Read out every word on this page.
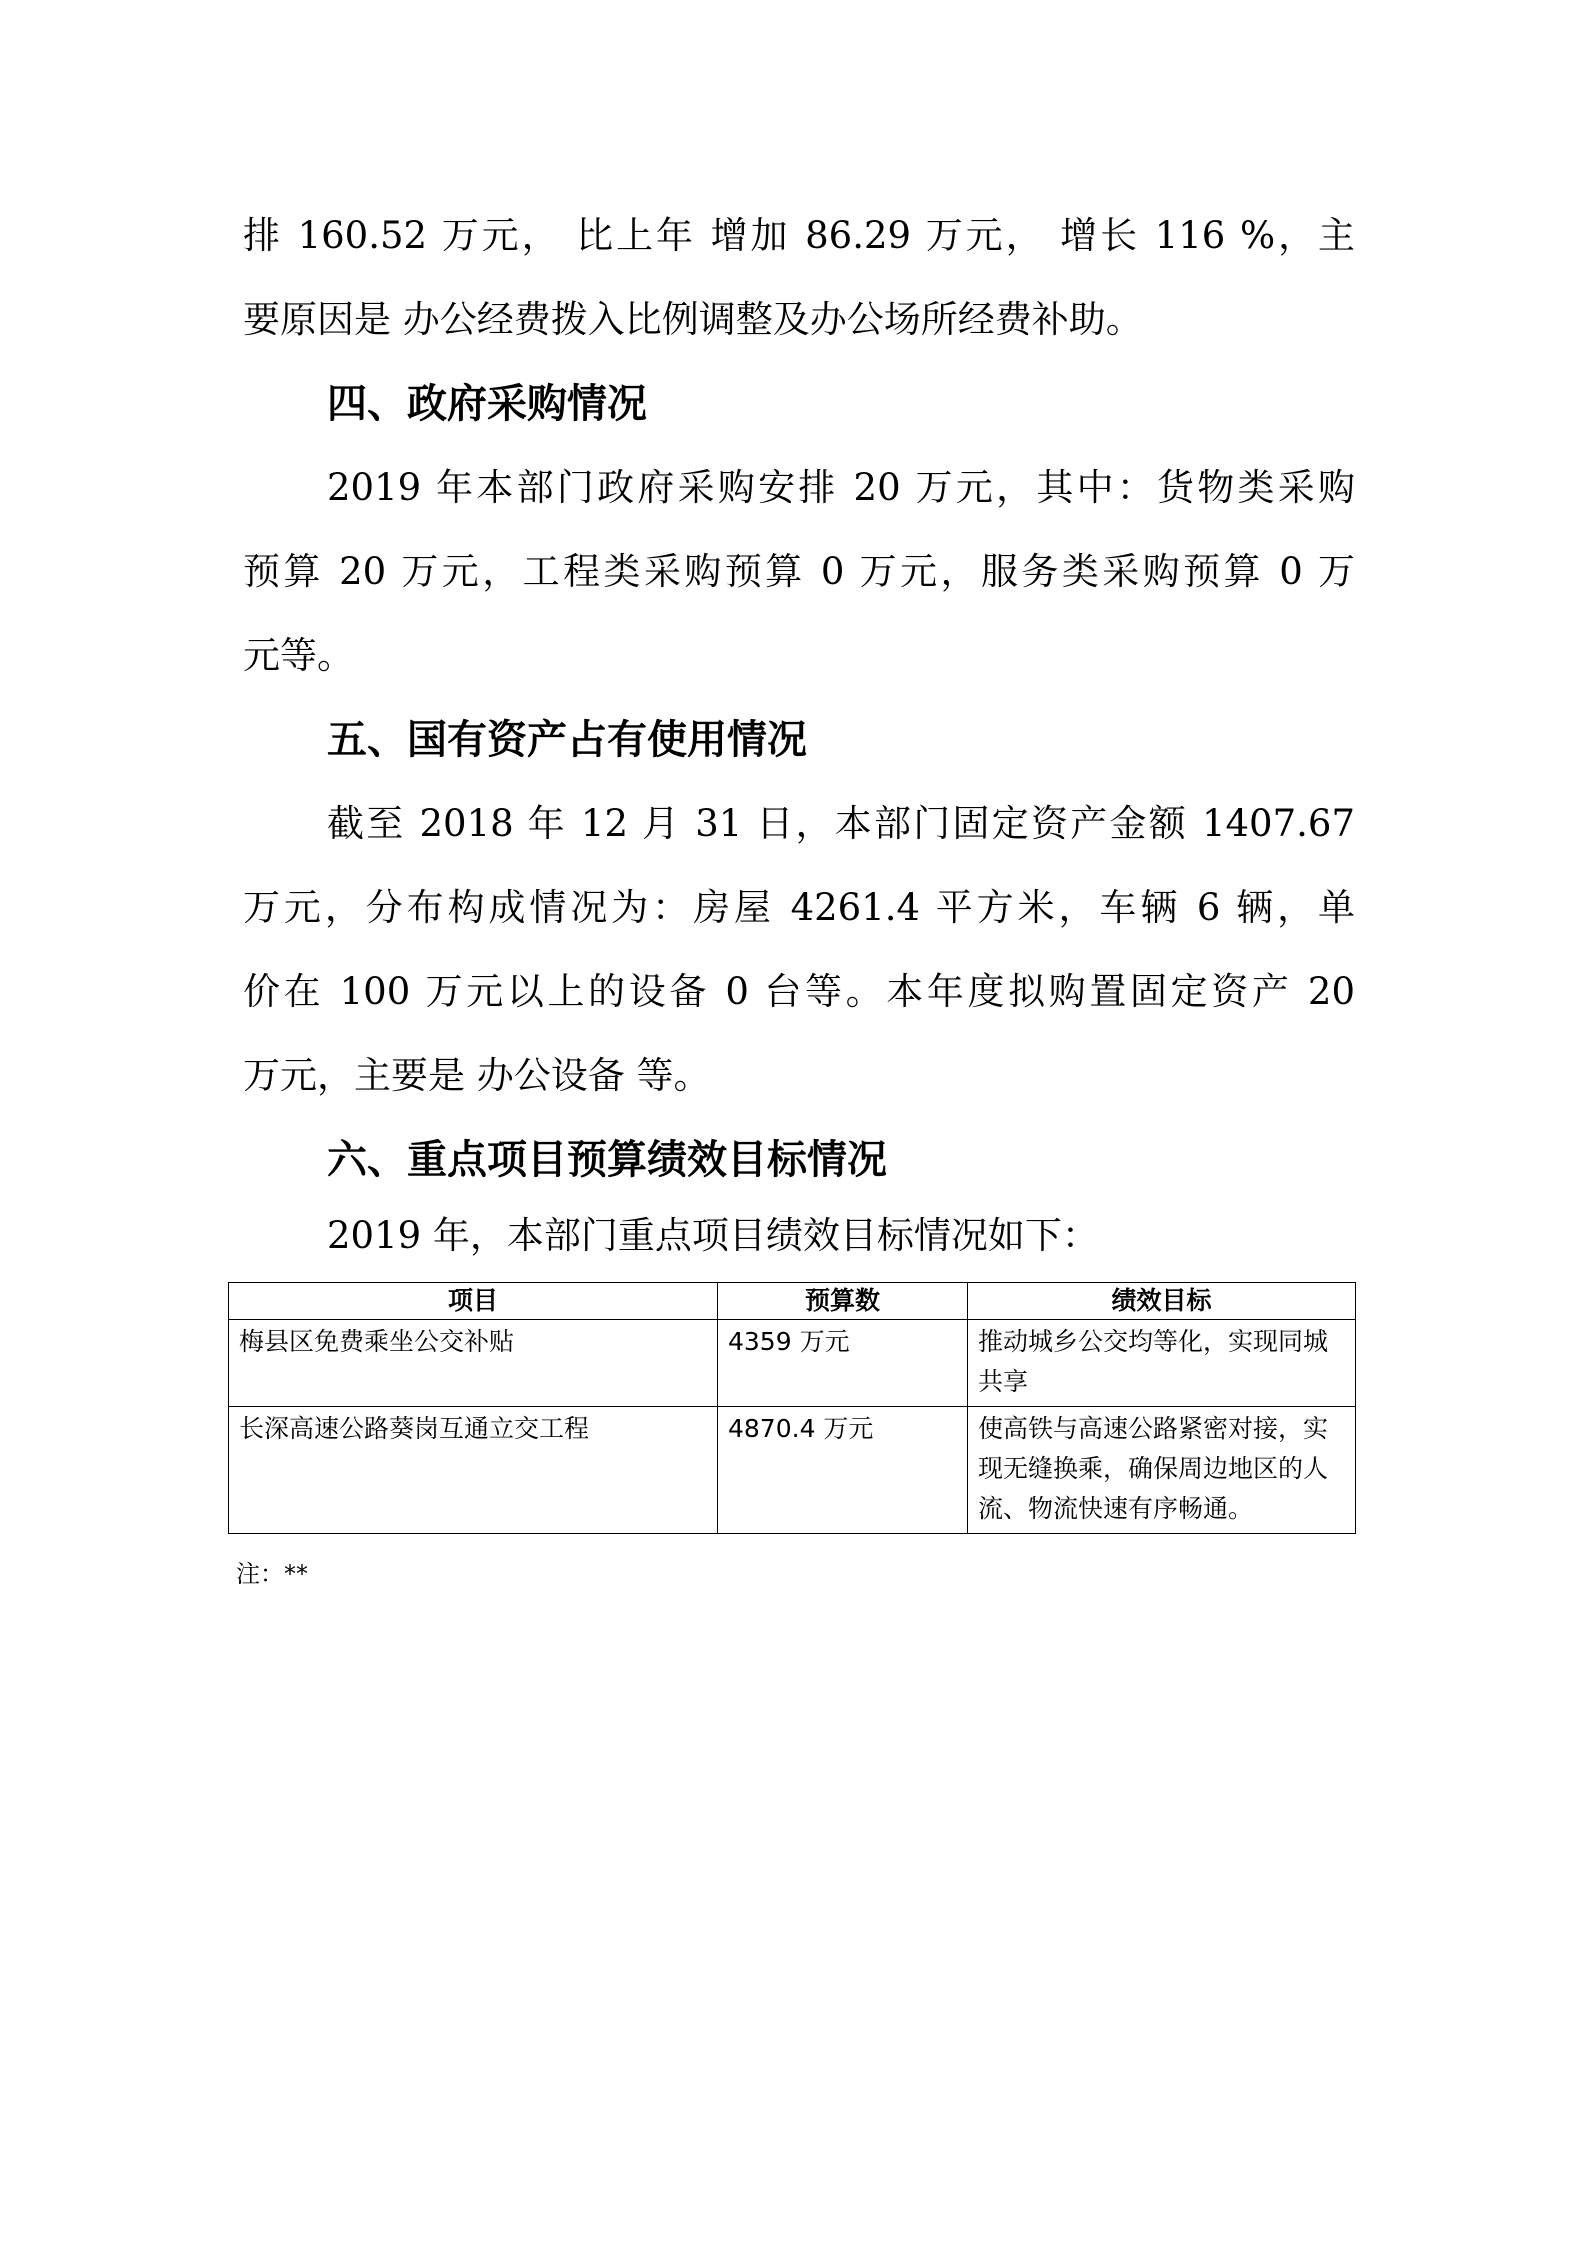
排 160.52 万元， 比上年 增加 86.29 万元， 增长 116 %，主
要原因是 办公经费拨入比例调整及办公场所经费补助。
四、政府采购情况
2019 年本部门政府采购安排 20 万元，其中：货物类采购
预算 20 万元，工程类采购预算 0 万元，服务类采购预算 0 万
元等。
五、国有资产占有使用情况
截至 2018 年 12 月 31 日，本部门固定资产金额 1407.67
万元，分布构成情况为：房屋 4261.4 平方米，车辆 6 辆，单
价在 100 万元以上的设备 0 台等。本年度拟购置固定资产 20
万元，主要是 办公设备 等。
六、重点项目预算绩效目标情况
2019 年，本部门重点项目绩效目标情况如下：
项目	预算数	绩效目标
梅县区免费乘坐公交补贴	4359 万元	推动城乡公交均等化，实现同城共享
长深高速公路葵岗互通立交工程	4870.4 万元	使高铁与高速公路紧密对接，实现无缝换乘，确保周边地区的人流、物流快速有序畅通。
注：**
